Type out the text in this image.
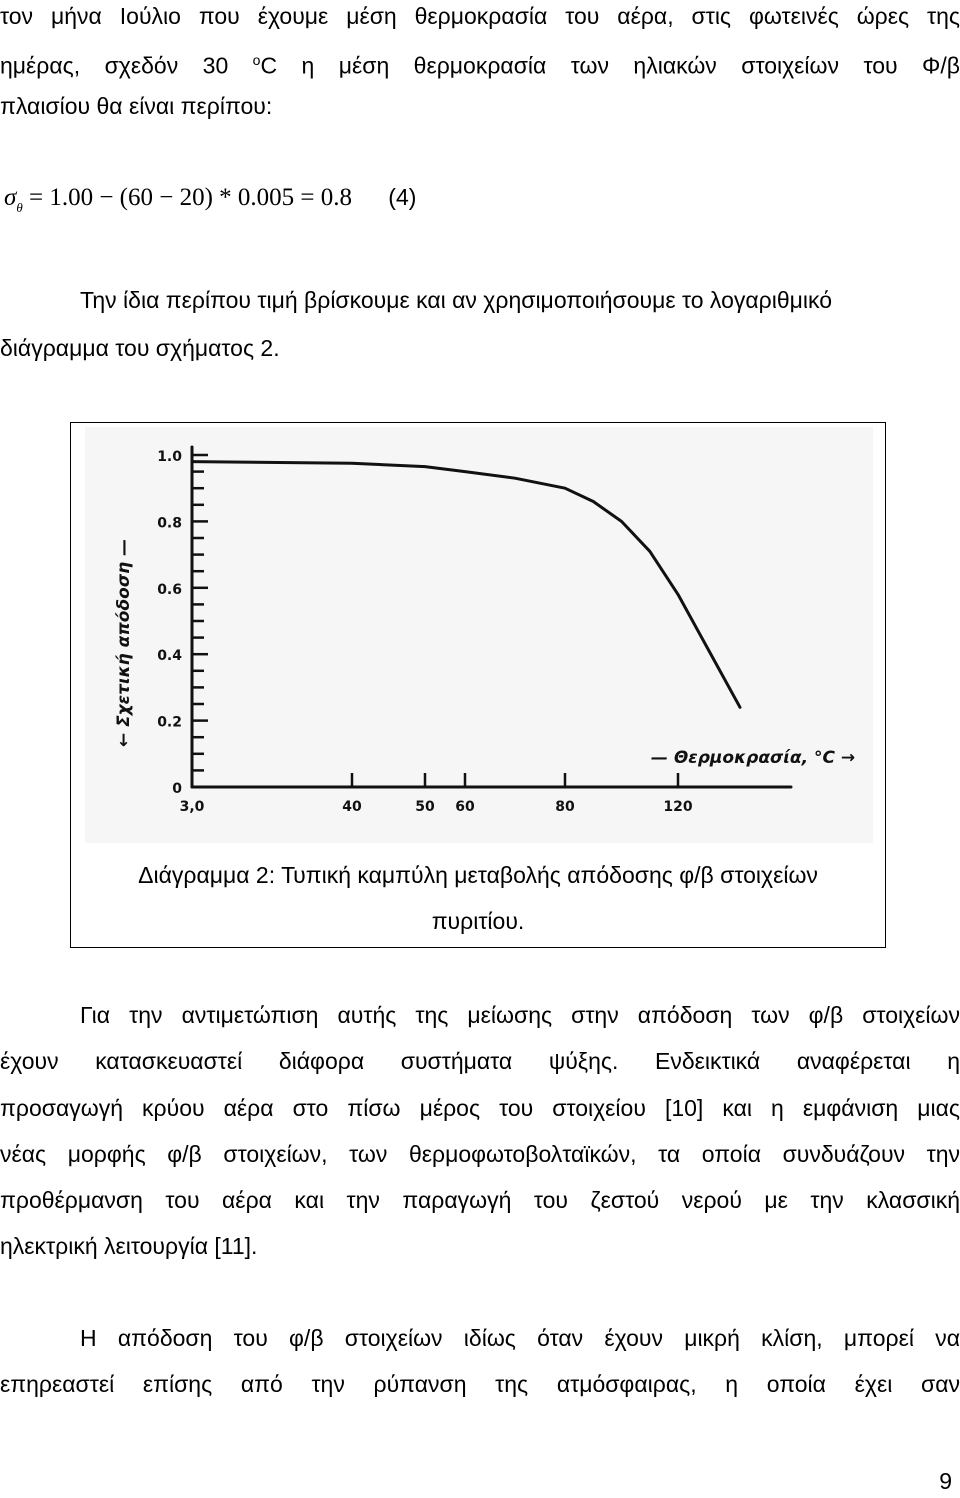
τον μήνα Ιούλιο που έχουμε μέση θερμοκρασία του αέρα, στις φωτεινές ώρες της
ημέρας, σχεδόν 30 $^o$C η μέση θερμοκρασία των ηλιακών στοιχείων του Φ/β
πλαισίου θα είναι περίπου:
$\sigma_\theta = 1.00 - (60 - 20) * 0.005 = 0.8$ (4)
Την ίδια περίπου τιμή βρίσκουμε και αν χρησιμοποιήσουμε το λογαριθμικό
διάγραμμα του σχήματος 2.
← Σχετική απόδοση —
— Θερμοκρασία, °C →
0
0.2
0.4
0.6
0.8
1.0
3,0	40	50 60	80	120
Διάγραμμα 2: Τυπική καμπύλη μεταβολής απόδοσης φ/β στοιχείων
πυριτίου.
Για την αντιμετώπιση αυτής της μείωσης στην απόδοση των φ/β στοιχείων
έχουν κατασκευαστεί διάφορα συστήματα ψύξης. Ενδεικτικά αναφέρεται η
προσαγωγή κρύου αέρα στο πίσω μέρος του στοιχείου [10] και η εμφάνιση μιας
νέας μορφής φ/β στοιχείων, των θερμοφωτοβολταϊκών, τα οποία συνδυάζουν την
προθέρμανση του αέρα και την παραγωγή του ζεστού νερού με την κλασσική
ηλεκτρική λειτουργία [11].
Η απόδοση του φ/β στοιχείων ιδίως όταν έχουν μικρή κλίση, μπορεί να
επηρεαστεί επίσης από την ρύπανση της ατμόσφαιρας, η οποία έχει σαν
9
